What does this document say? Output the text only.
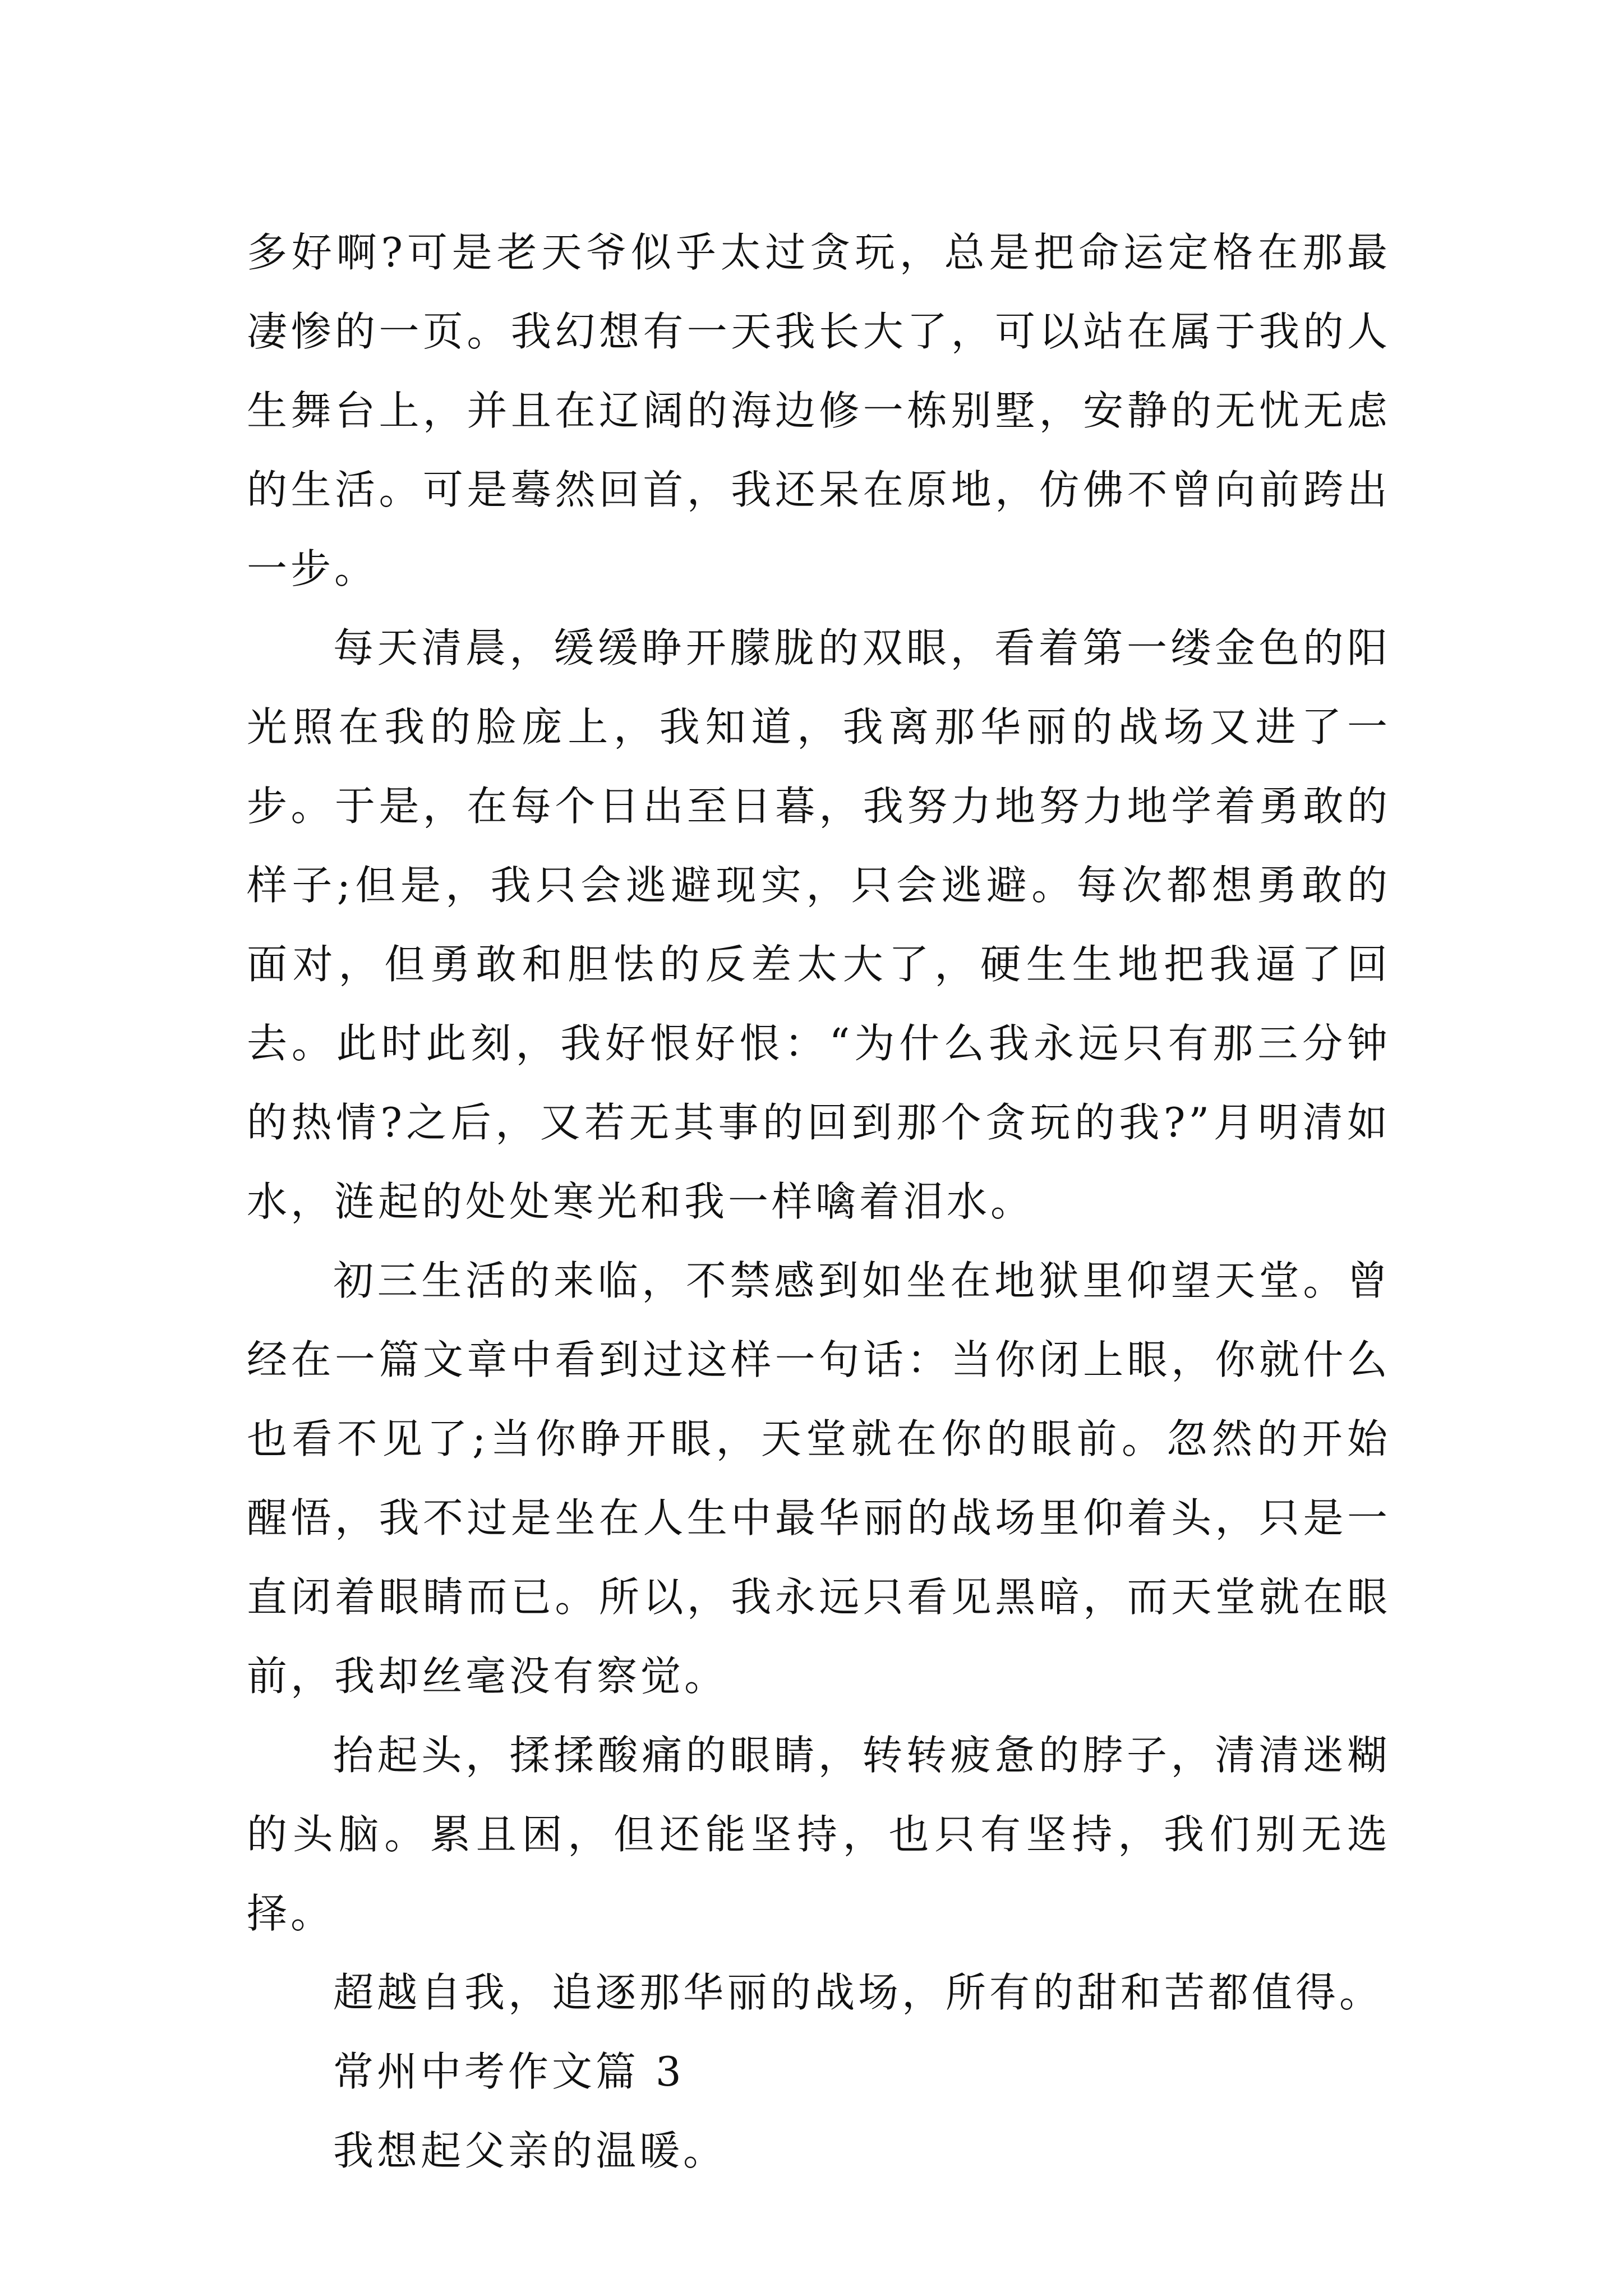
多好啊?可是老天爷似乎太过贪玩，总是把命运定格在那最凄惨的一页。我幻想有一天我长大了，可以站在属于我的人生舞台上，并且在辽阔的海边修一栋别墅，安静的无忧无虑的生活。可是蓦然回首，我还呆在原地，仿佛不曾向前跨出一步。

每天清晨，缓缓睁开朦胧的双眼，看着第一缕金色的阳光照在我的脸庞上，我知道，我离那华丽的战场又进了一步。于是，在每个日出至日暮，我努力地努力地学着勇敢的样子;但是，我只会逃避现实，只会逃避。每次都想勇敢的面对，但勇敢和胆怯的反差太大了，硬生生地把我逼了回去。此时此刻，我好恨好恨：“为什么我永远只有那三分钟的热情?之后，又若无其事的回到那个贪玩的我?”月明清如水，涟起的处处寒光和我一样噙着泪水。

初三生活的来临，不禁感到如坐在地狱里仰望天堂。曾经在一篇文章中看到过这样一句话：当你闭上眼，你就什么也看不见了;当你睁开眼，天堂就在你的眼前。忽然的开始醒悟，我不过是坐在人生中最华丽的战场里仰着头，只是一直闭着眼睛而已。所以，我永远只看见黑暗，而天堂就在眼前，我却丝毫没有察觉。

抬起头，揉揉酸痛的眼睛，转转疲惫的脖子，清清迷糊的头脑。累且困，但还能坚持，也只有坚持，我们别无选择。

超越自我，追逐那华丽的战场，所有的甜和苦都值得。

常州中考作文篇 3

我想起父亲的温暖。
